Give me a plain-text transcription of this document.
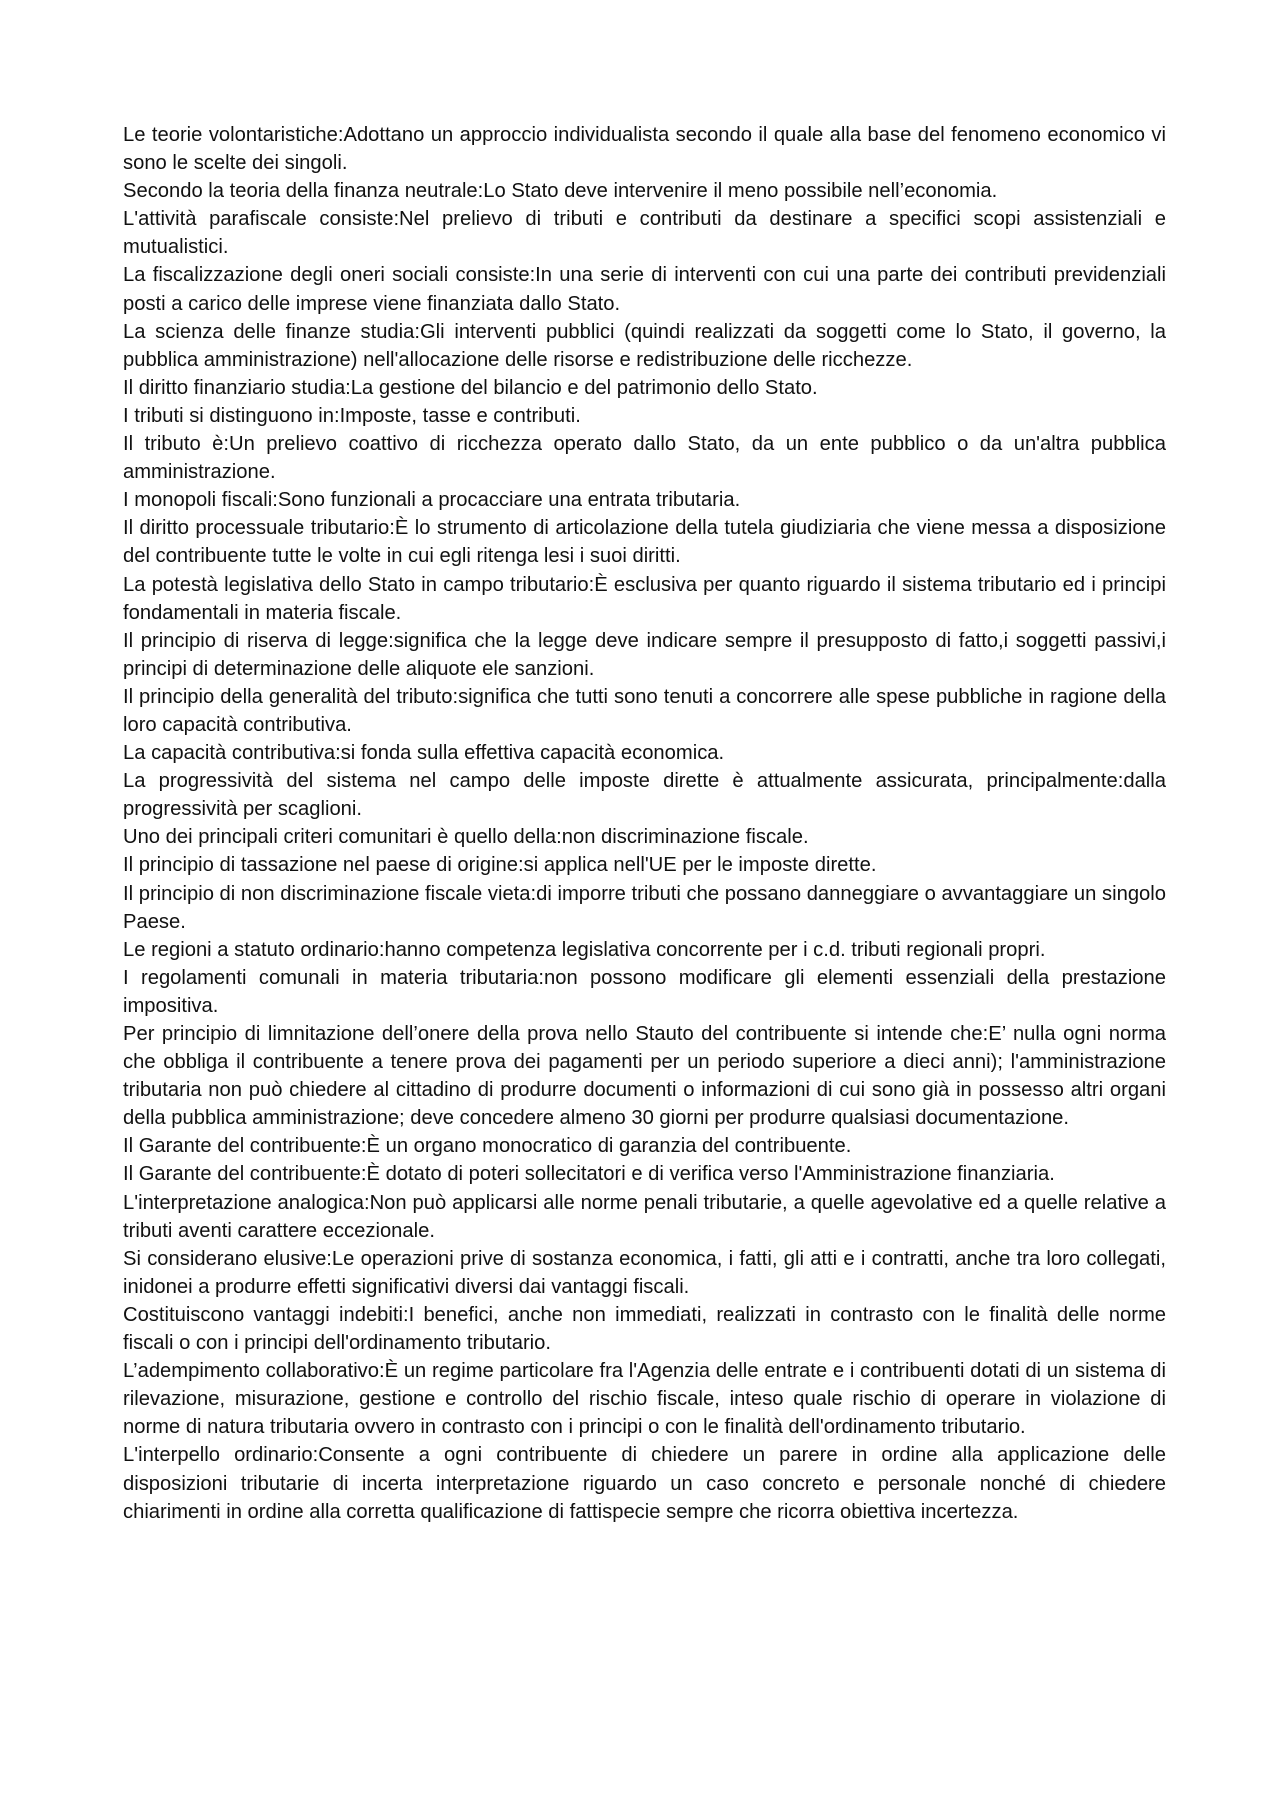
Le teorie volontaristiche:Adottano un approccio individualista secondo il quale alla base del fenomeno economico vi sono le scelte dei singoli.

Secondo la teoria della finanza neutrale:Lo Stato deve intervenire il meno possibile nell’economia.

L'attività parafiscale consiste:Nel prelievo di tributi e contributi da destinare a specifici scopi assistenziali e mutualistici.

La fiscalizzazione degli oneri sociali consiste:In una serie di interventi con cui una parte dei contributi previdenziali posti a carico delle imprese viene finanziata dallo Stato.

La scienza delle finanze studia:Gli interventi pubblici (quindi realizzati da soggetti come lo Stato, il governo, la pubblica amministrazione) nell'allocazione delle risorse e redistribuzione delle ricchezze.

Il diritto finanziario studia:La gestione del bilancio e del patrimonio dello Stato.

I tributi si distinguono in:Imposte, tasse e contributi.

Il tributo è:Un prelievo coattivo di ricchezza operato dallo Stato, da un ente pubblico o da un'altra pubblica amministrazione.

I monopoli fiscali:Sono funzionali a procacciare una entrata tributaria.

Il diritto processuale tributario:È lo strumento di articolazione della tutela giudiziaria che viene messa a disposizione del contribuente tutte le volte in cui egli ritenga lesi i suoi diritti.

La potestà legislativa dello Stato in campo tributario:È esclusiva per quanto riguardo il sistema tributario ed i principi fondamentali in materia fiscale.

Il principio di riserva di legge:significa che la legge deve indicare sempre il presupposto di fatto,i soggetti passivi,i principi di determinazione delle aliquote ele sanzioni.

Il principio della generalità del tributo:significa che tutti sono tenuti a concorrere alle spese pubbliche in ragione della loro capacità contributiva.

La capacità contributiva:si fonda sulla effettiva capacità economica.

La progressività del sistema nel campo delle imposte dirette è attualmente assicurata, principalmente:dalla progressività per scaglioni.

Uno dei principali criteri comunitari è quello della:non discriminazione fiscale.

Il principio di tassazione nel paese di origine:si applica nell'UE per le imposte dirette.

Il principio di non discriminazione fiscale vieta:di imporre tributi che possano danneggiare o avvantaggiare un singolo Paese.

Le regioni a statuto ordinario:hanno competenza legislativa concorrente per i c.d. tributi regionali propri.

I regolamenti comunali in materia tributaria:non possono modificare gli elementi essenziali della prestazione impositiva.

Per principio di limnitazione dell’onere della prova nello Stauto del contribuente si intende che:E’ nulla ogni norma che obbliga il contribuente a tenere prova dei pagamenti per un periodo superiore a dieci anni); l'amministrazione tributaria non può chiedere al cittadino di produrre documenti o informazioni di cui sono già in possesso altri organi della pubblica amministrazione; deve concedere almeno 30 giorni per produrre qualsiasi documentazione.

Il Garante del contribuente:È un organo monocratico di garanzia del contribuente.

Il Garante del contribuente:È dotato di poteri sollecitatori e di verifica verso l'Amministrazione finanziaria.

L'interpretazione analogica:Non può applicarsi alle norme penali tributarie, a quelle agevolative ed a quelle relative a tributi aventi carattere eccezionale.

Si considerano elusive:Le operazioni prive di sostanza economica, i fatti, gli atti e i contratti, anche tra loro collegati, inidonei a produrre effetti significativi diversi dai vantaggi fiscali.

Costituiscono vantaggi indebiti:I benefici, anche non immediati, realizzati in contrasto con le finalità delle norme fiscali o con i principi dell'ordinamento tributario.

L’adempimento collaborativo:È un regime particolare fra l'Agenzia delle entrate e i contribuenti dotati di un sistema di rilevazione, misurazione, gestione e controllo del rischio fiscale, inteso quale rischio di operare in violazione di norme di natura tributaria ovvero in contrasto con i principi o con le finalità dell'ordinamento tributario.

L'interpello ordinario:Consente a ogni contribuente di chiedere un parere in ordine alla applicazione delle disposizioni tributarie di incerta interpretazione riguardo un caso concreto e personale nonché di chiedere chiarimenti in ordine alla corretta qualificazione di fattispecie sempre che ricorra obiettiva incertezza.
